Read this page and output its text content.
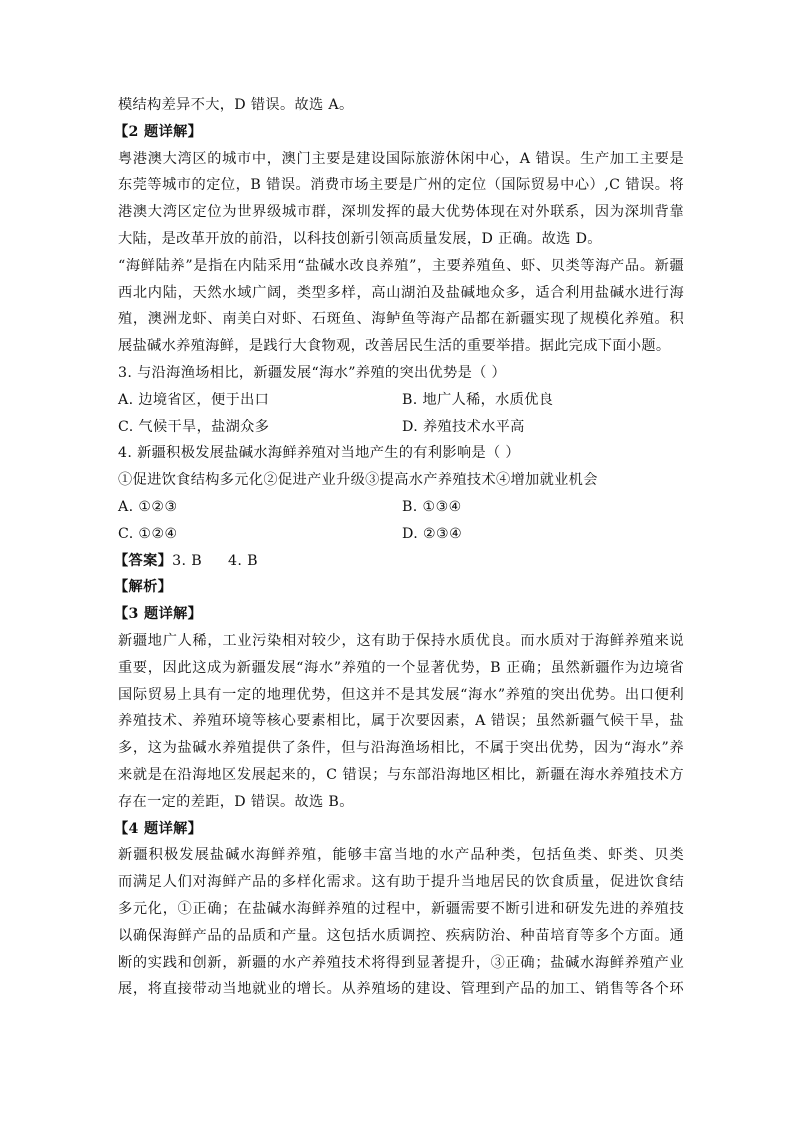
模结构差异不大，D 错误。故选 A。
【2 题详解】
粤港澳大湾区的城市中，澳门主要是建设国际旅游休闲中心，A 错误。生产加工主要是
东莞等城市的定位，B 错误。消费市场主要是广州的定位（国际贸易中心）,C 错误。将
港澳大湾区定位为世界级城市群，深圳发挥的最大优势体现在对外联系，因为深圳背靠
大陆，是改革开放的前沿，以科技创新引领高质量发展，D 正确。故选 D。
“海鲜陆养”是指在内陆采用“盐碱水改良养殖”，主要养殖鱼、虾、贝类等海产品。新疆
西北内陆，天然水域广阔，类型多样，高山湖泊及盐碱地众多，适合利用盐碱水进行海
殖，澳洲龙虾、南美白对虾、石斑鱼、海鲈鱼等海产品都在新疆实现了规模化养殖。积
展盐碱水养殖海鲜，是践行大食物观，改善居民生活的重要举措。据此完成下面小题。
3. 与沿海渔场相比，新疆发展“海水”养殖的突出优势是（ ）
A. 边境省区，便于出口	B. 地广人稀，水质优良
C. 气候干旱，盐湖众多	D. 养殖技术水平高
4. 新疆积极发展盐碱水海鲜养殖对当地产生的有利影响是（ ）
①促进饮食结构多元化②促进产业升级③提高水产养殖技术④增加就业机会
A. ①②③	B. ①③④
C. ①②④	D. ②③④
【答案】3. B 4. B
【解析】
【3 题详解】
新疆地广人稀，工业污染相对较少，这有助于保持水质优良。而水质对于海鲜养殖来说
重要，因此这成为新疆发展“海水”养殖的一个显著优势，B 正确；虽然新疆作为边境省
国际贸易上具有一定的地理优势，但这并不是其发展“海水”养殖的突出优势。出口便利
养殖技术、养殖环境等核心要素相比，属于次要因素，A 错误；虽然新疆气候干旱，盐
多，这为盐碱水养殖提供了条件，但与沿海渔场相比，不属于突出优势，因为“海水”养
来就是在沿海地区发展起来的，C 错误；与东部沿海地区相比，新疆在海水养殖技术方
存在一定的差距，D 错误。故选 B。
【4 题详解】
新疆积极发展盐碱水海鲜养殖，能够丰富当地的水产品种类，包括鱼类、虾类、贝类
而满足人们对海鲜产品的多样化需求。这有助于提升当地居民的饮食质量，促进饮食结
多元化，①正确；在盐碱水海鲜养殖的过程中，新疆需要不断引进和研发先进的养殖技
以确保海鲜产品的品质和产量。这包括水质调控、疾病防治、种苗培育等多个方面。通
断的实践和创新，新疆的水产养殖技术将得到显著提升，③正确；盐碱水海鲜养殖产业
展，将直接带动当地就业的增长。从养殖场的建设、管理到产品的加工、销售等各个环
